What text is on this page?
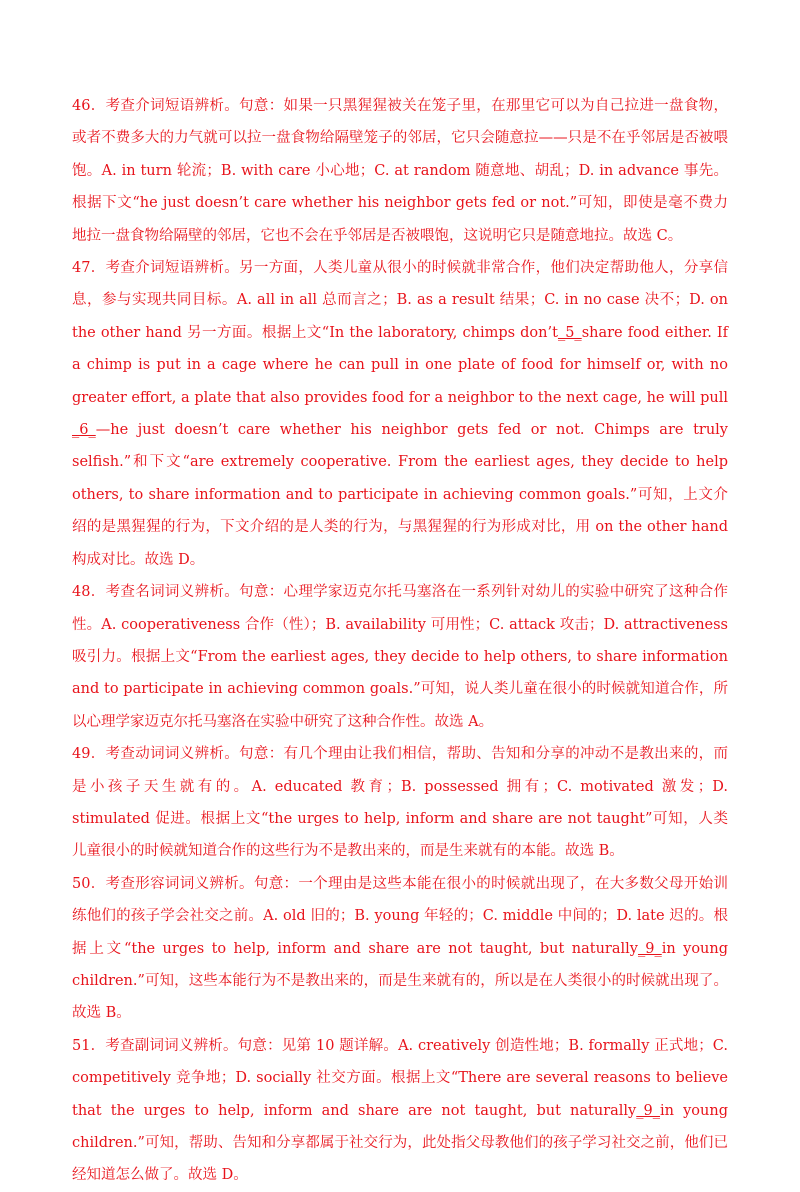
46．考查介词短语辨析。句意：如果一只黑猩猩被关在笼子里，在那里它可以为自己拉进一盘食物，或者不费多大的力气就可以拉一盘食物给隔壁笼子的邻居，它只会随意拉——只是不在乎邻居是否被喂饱。A. in turn 轮流；B. with care 小心地；C. at random 随意地、胡乱；D. in advance 事先。根据下文“he just doesn’t care whether his neighbor gets fed or not.”可知，即使是毫不费力地拉一盘食物给隔壁的邻居，它也不会在乎邻居是否被喂饱，这说明它只是随意地拉。故选 C。

47．考查介词短语辨析。另一方面，人类儿童从很小的时候就非常合作，他们决定帮助他人，分享信息，参与实现共同目标。A. all in all 总而言之；B. as a result 结果；C. in no case 决不；D. on the other hand 另一方面。根据上文“In the laboratory, chimps don’t_5_share food either. If a chimp is put in a cage where he can pull in one plate of food for himself or, with no greater effort, a plate that also provides food for a neighbor to the next cage, he will pull _6_—he just doesn’t care whether his neighbor gets fed or not. Chimps are truly selfish.”和下文“are extremely cooperative. From the earliest ages, they decide to help others, to share information and to participate in achieving common goals.”可知，上文介绍的是黑猩猩的行为，下文介绍的是人类的行为，与黑猩猩的行为形成对比，用 on the other hand 构成对比。故选 D。

48．考查名词词义辨析。句意：心理学家迈克尔托马塞洛在一系列针对幼儿的实验中研究了这种合作性。A. cooperativeness 合作（性）；B. availability 可用性；C. attack 攻击；D. attractiveness 吸引力。根据上文“From the earliest ages, they decide to help others, to share information and to participate in achieving common goals.”可知，说人类儿童在很小的时候就知道合作，所以心理学家迈克尔托马塞洛在实验中研究了这种合作性。故选 A。

49．考查动词词义辨析。句意：有几个理由让我们相信，帮助、告知和分享的冲动不是教出来的，而是小孩子天生就有的。A. educated 教育；B. possessed 拥有；C. motivated 激发；D. stimulated 促进。根据上文“the urges to help, inform and share are not taught”可知，人类儿童很小的时候就知道合作的这些行为不是教出来的，而是生来就有的本能。故选 B。

50．考查形容词词义辨析。句意：一个理由是这些本能在很小的时候就出现了，在大多数父母开始训练他们的孩子学会社交之前。A. old 旧的；B. young 年轻的；C. middle 中间的；D. late 迟的。根据上文“the urges to help, inform and share are not taught, but naturally_9_in young children.”可知，这些本能行为不是教出来的，而是生来就有的，所以是在人类很小的时候就出现了。故选 B。

51．考查副词词义辨析。句意：见第 10 题详解。A. creatively 创造性地；B. formally 正式地；C. competitively 竞争地；D. socially 社交方面。根据上文“There are several reasons to believe that the urges to help, inform and share are not taught, but naturally_9_in young children.”可知，帮助、告知和分享都属于社交行为，此处指父母教他们的孩子学习社交之前，他们已经知道怎么做了。故选 D。
